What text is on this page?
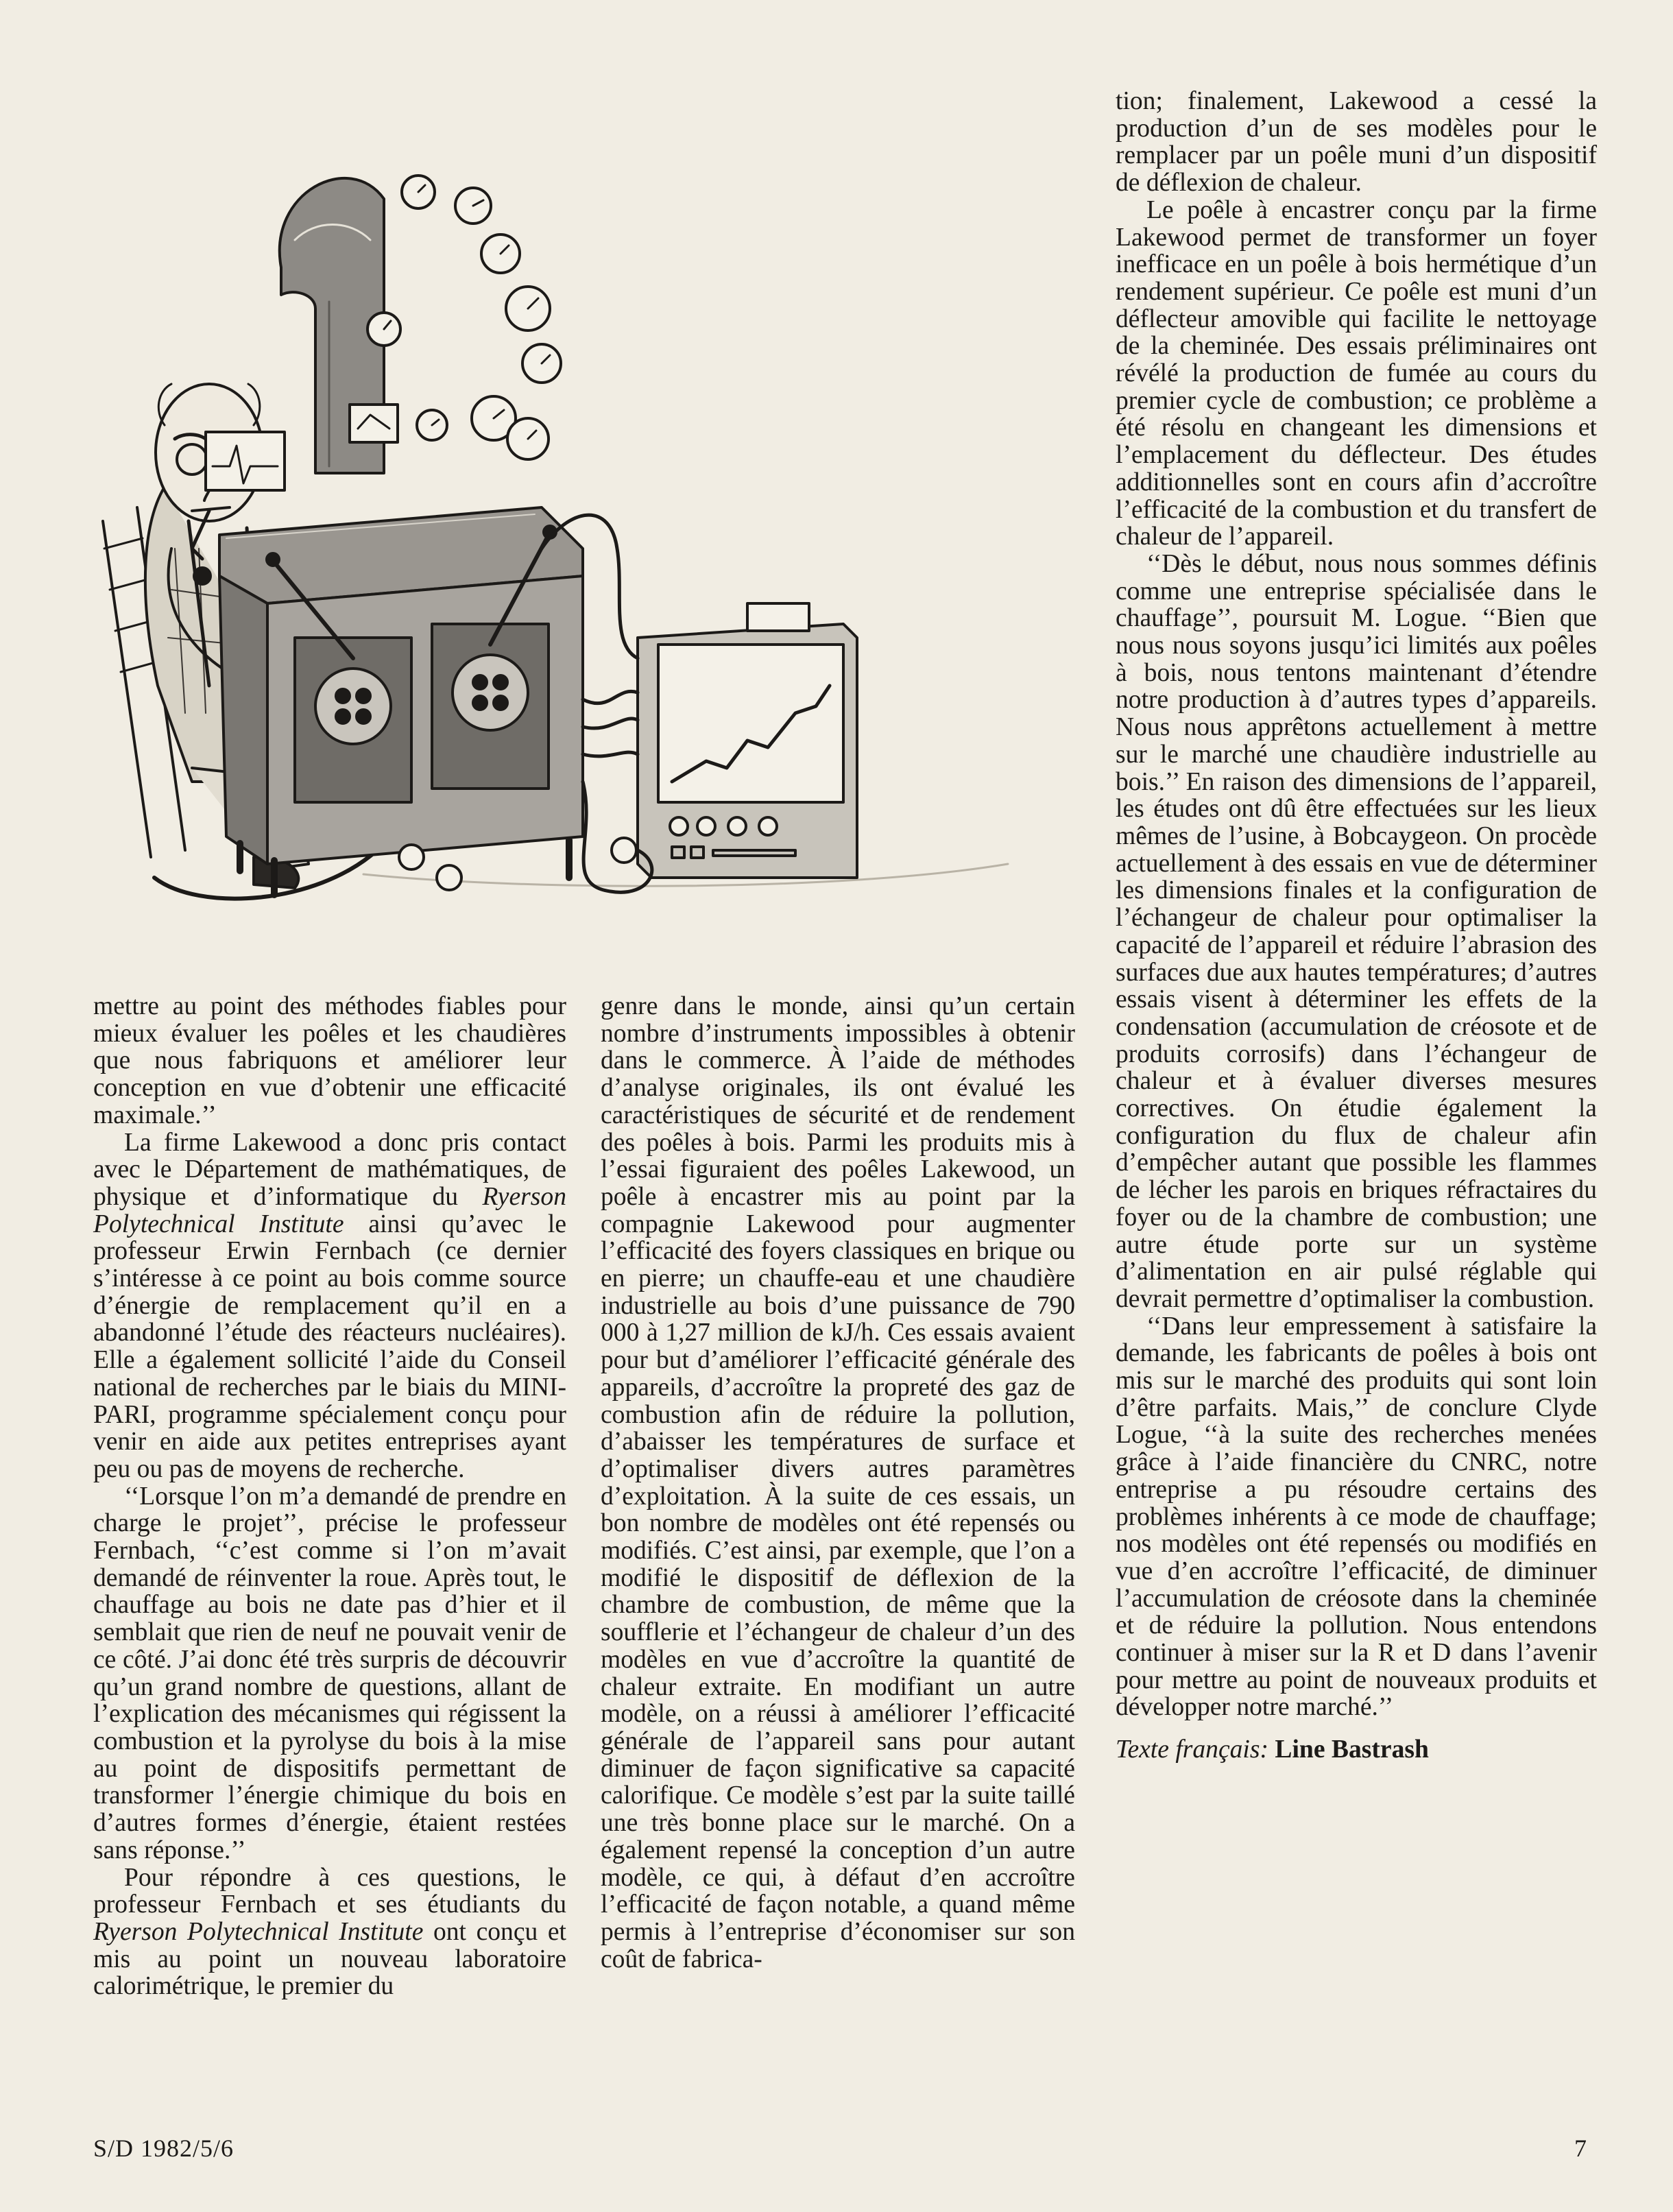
mettre au point des méthodes fiables pour mieux évaluer les poêles et les chaudières que nous fabriquons et améliorer leur conception en vue d’obtenir une efficacité maximale.’’

La firme Lakewood a donc pris contact avec le Département de mathématiques, de physique et d’informatique du Ryerson Polytechnical Institute ainsi qu’avec le professeur Erwin Fernbach (ce dernier s’intéresse à ce point au bois comme source d’énergie de remplacement qu’il en a abandonné l’étude des réacteurs nucléaires). Elle a également sollicité l’aide du Conseil national de recherches par le biais du MINI-PARI, programme spécialement conçu pour venir en aide aux petites entreprises ayant peu ou pas de moyens de recherche.

‘‘Lorsque l’on m’a demandé de prendre en charge le projet’’, précise le professeur Fernbach, ‘‘c’est comme si l’on m’avait demandé de réinventer la roue. Après tout, le chauffage au bois ne date pas d’hier et il semblait que rien de neuf ne pouvait venir de ce côté. J’ai donc été très surpris de découvrir qu’un grand nombre de questions, allant de l’explication des mécanismes qui régissent la combustion et la pyrolyse du bois à la mise au point de dispositifs permettant de transformer l’énergie chimique du bois en d’autres formes d’énergie, étaient restées sans réponse.’’

Pour répondre à ces questions, le professeur Fernbach et ses étudiants du Ryerson Polytechnical Institute ont conçu et mis au point un nouveau laboratoire calorimétrique, le premier du

genre dans le monde, ainsi qu’un certain nombre d’instruments impossibles à obtenir dans le commerce. À l’aide de méthodes d’analyse originales, ils ont évalué les caractéristiques de sécurité et de rendement des poêles à bois. Parmi les produits mis à l’essai figuraient des poêles Lakewood, un poêle à encastrer mis au point par la compagnie Lakewood pour augmenter l’efficacité des foyers classiques en brique ou en pierre; un chauffe-eau et une chaudière industrielle au bois d’une puissance de 790 000 à 1,27 million de kJ/h. Ces essais avaient pour but d’améliorer l’efficacité générale des appareils, d’accroître la propreté des gaz de combustion afin de réduire la pollution, d’abaisser les températures de surface et d’optimaliser divers autres paramètres d’exploitation. À la suite de ces essais, un bon nombre de modèles ont été repensés ou modifiés. C’est ainsi, par exemple, que l’on a modifié le dispositif de déflexion de la chambre de combustion, de même que la soufflerie et l’échangeur de chaleur d’un des modèles en vue d’accroître la quantité de chaleur extraite. En modifiant un autre modèle, on a réussi à améliorer l’efficacité générale de l’appareil sans pour autant diminuer de façon significative sa capacité calorifique. Ce modèle s’est par la suite taillé une très bonne place sur le marché. On a également repensé la conception d’un autre modèle, ce qui, à défaut d’en accroître l’efficacité de façon notable, a quand même permis à l’entreprise d’économiser sur son coût de fabrica-

tion; finalement, Lakewood a cessé la production d’un de ses modèles pour le remplacer par un poêle muni d’un dispositif de déflexion de chaleur.

Le poêle à encastrer conçu par la firme Lakewood permet de transformer un foyer inefficace en un poêle à bois hermétique d’un rendement supérieur. Ce poêle est muni d’un déflecteur amovible qui facilite le nettoyage de la cheminée. Des essais préliminaires ont révélé la production de fumée au cours du premier cycle de combustion; ce problème a été résolu en changeant les dimensions et l’emplacement du déflecteur. Des études additionnelles sont en cours afin d’accroître l’efficacité de la combustion et du transfert de chaleur de l’appareil.

‘‘Dès le début, nous nous sommes définis comme une entreprise spécialisée dans le chauffage’’, poursuit M. Logue. ‘‘Bien que nous nous soyons jusqu’ici limités aux poêles à bois, nous tentons maintenant d’étendre notre production à d’autres types d’appareils. Nous nous apprêtons actuellement à mettre sur le marché une chaudière industrielle au bois.’’ En raison des dimensions de l’appareil, les études ont dû être effectuées sur les lieux mêmes de l’usine, à Bobcaygeon. On procède actuellement à des essais en vue de déterminer les dimensions finales et la configuration de l’échangeur de chaleur pour optimaliser la capacité de l’appareil et réduire l’abrasion des surfaces due aux hautes températures; d’autres essais visent à déterminer les effets de la condensation (accumulation de créosote et de produits corrosifs) dans l’échangeur de chaleur et à évaluer diverses mesures correctives. On étudie également la configuration du flux de chaleur afin d’empêcher autant que possible les flammes de lécher les parois en briques réfractaires du foyer ou de la chambre de combustion; une autre étude porte sur un système d’alimentation en air pulsé réglable qui devrait permettre d’optimaliser la combustion.

‘‘Dans leur empressement à satisfaire la demande, les fabricants de poêles à bois ont mis sur le marché des produits qui sont loin d’être parfaits. Mais,’’ de conclure Clyde Logue, ‘‘à la suite des recherches menées grâce à l’aide financière du CNRC, notre entreprise a pu résoudre certains des problèmes inhérents à ce mode de chauffage; nos modèles ont été repensés ou modifiés en vue d’en accroître l’efficacité, de diminuer l’accumulation de créosote dans la cheminée et de réduire la pollution. Nous entendons continuer à miser sur la R et D dans l’avenir pour mettre au point de nouveaux produits et développer notre marché.’’

Texte français: Line Bastrash

S/D 1982/5/6	7
